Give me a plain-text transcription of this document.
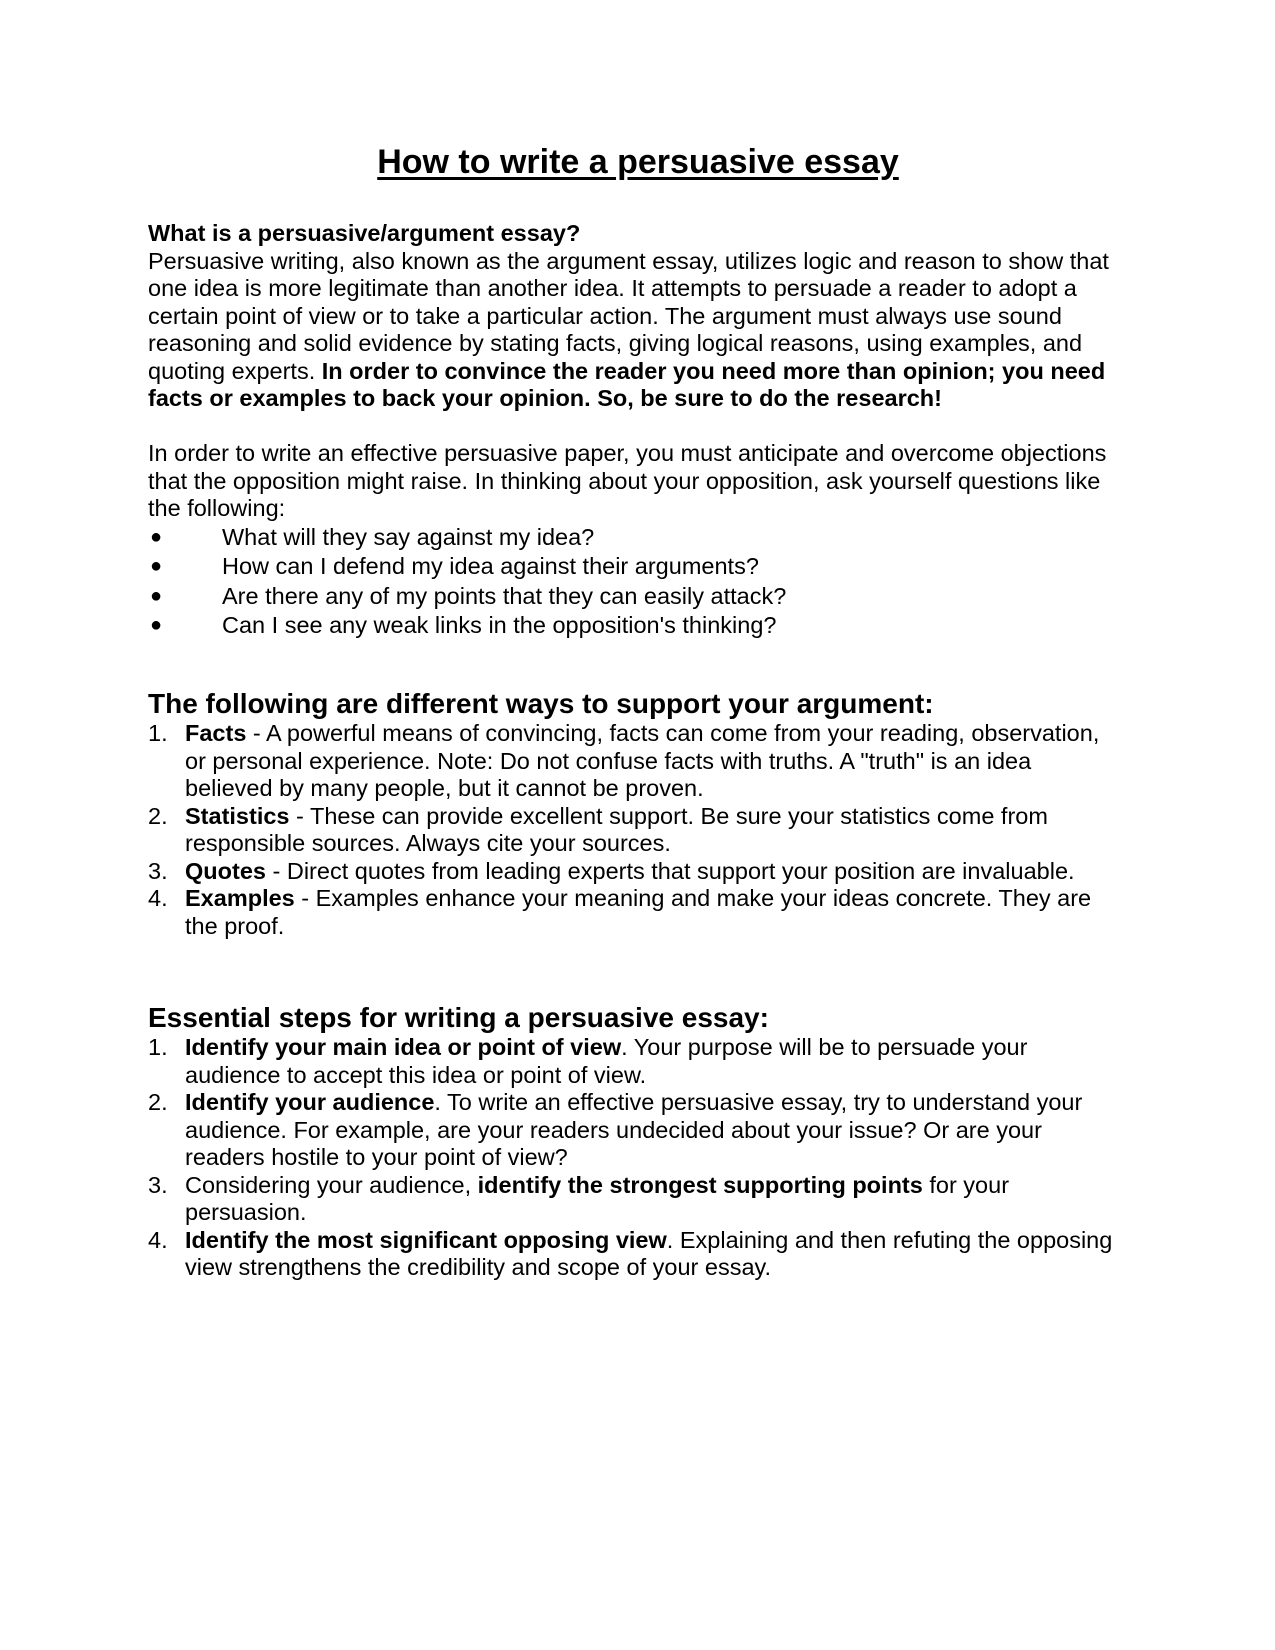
How to write a persuasive essay

What is a persuasive/argument essay?

Persuasive writing, also known as the argument essay, utilizes logic and reason to show that one idea is more legitimate than another idea. It attempts to persuade a reader to adopt a certain point of view or to take a particular action. The argument must always use sound reasoning and solid evidence by stating facts, giving logical reasons, using examples, and quoting experts. In order to convince the reader you need more than opinion; you need facts or examples to back your opinion. So, be sure to do the research!

In order to write an effective persuasive paper, you must anticipate and overcome objections that the opposition might raise. In thinking about your opposition, ask yourself questions like the following:

●	What will they say against my idea?
●	How can I defend my idea against their arguments?
●	Are there any of my points that they can easily attack?
●	Can I see any weak links in the opposition's thinking?
The following are different ways to support your argument:
1. Facts - A powerful means of convincing, facts can come from your reading, observation, or personal experience. Note: Do not confuse facts with truths. A "truth" is an idea believed by many people, but it cannot be proven.
2. Statistics - These can provide excellent support. Be sure your statistics come from responsible sources. Always cite your sources.
3. Quotes - Direct quotes from leading experts that support your position are invaluable.
4. Examples - Examples enhance your meaning and make your ideas concrete. They are the proof.
Essential steps for writing a persuasive essay:
1. Identify your main idea or point of view. Your purpose will be to persuade your audience to accept this idea or point of view.
2. Identify your audience. To write an effective persuasive essay, try to understand your audience. For example, are your readers undecided about your issue? Or are your readers hostile to your point of view?
3. Considering your audience, identify the strongest supporting points for your persuasion.
4. Identify the most significant opposing view. Explaining and then refuting the opposing view strengthens the credibility and scope of your essay.
